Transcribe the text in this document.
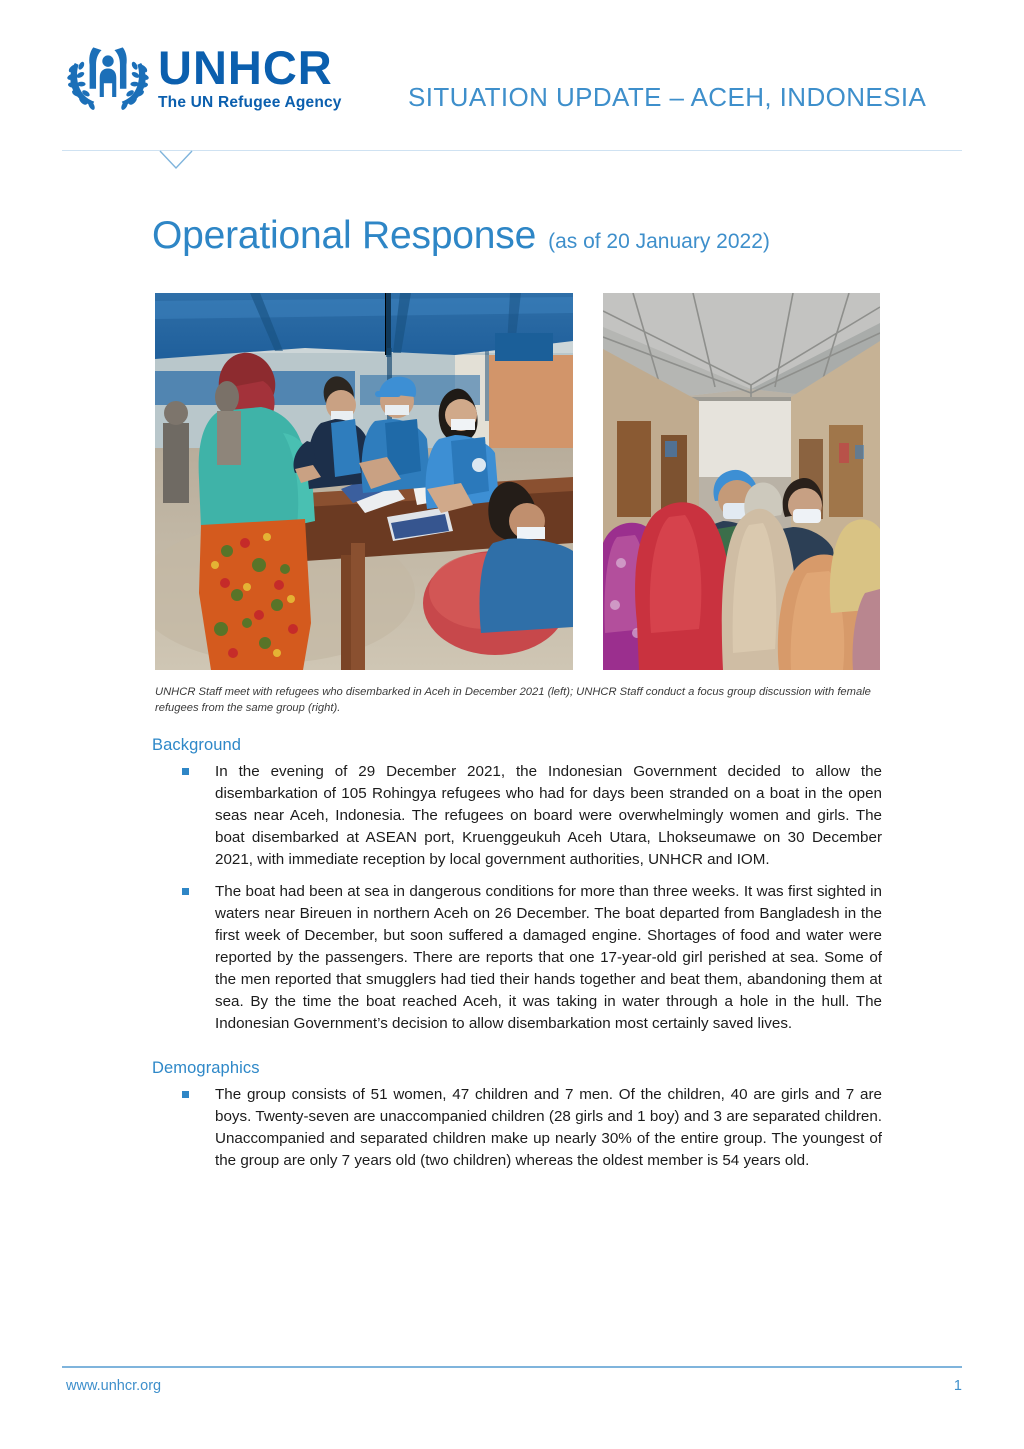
UNHCR
The UN Refugee Agency	SITUATION UPDATE – ACEH, INDONESIA
Operational Response (as of 20 January 2022)
UNHCR Staff meet with refugees who disembarked in Aceh in December 2021 (left); UNHCR Staff conduct a focus group discussion with female refugees from the same group (right).
Background
In the evening of 29 December 2021, the Indonesian Government decided to allow the disembarkation of 105 Rohingya refugees who had for days been stranded on a boat in the open seas near Aceh, Indonesia. The refugees on board were overwhelmingly women and girls. The boat disembarked at ASEAN port, Kruenggeukuh Aceh Utara, Lhokseumawe on 30 December 2021, with immediate reception by local government authorities, UNHCR and IOM.
The boat had been at sea in dangerous conditions for more than three weeks. It was first sighted in waters near Bireuen in northern Aceh on 26 December. The boat departed from Bangladesh in the first week of December, but soon suffered a damaged engine. Shortages of food and water were reported by the passengers. There are reports that one 17-year-old girl perished at sea. Some of the men reported that smugglers had tied their hands together and beat them, abandoning them at sea. By the time the boat reached Aceh, it was taking in water through a hole in the hull. The Indonesian Government’s decision to allow disembarkation most certainly saved lives.
Demographics
The group consists of 51 women, 47 children and 7 men. Of the children, 40 are girls and 7 are boys. Twenty-seven are unaccompanied children (28 girls and 1 boy) and 3 are separated children. Unaccompanied and separated children make up nearly 30% of the entire group. The youngest of the group are only 7 years old (two children) whereas the oldest member is 54 years old.
www.unhcr.org	1
